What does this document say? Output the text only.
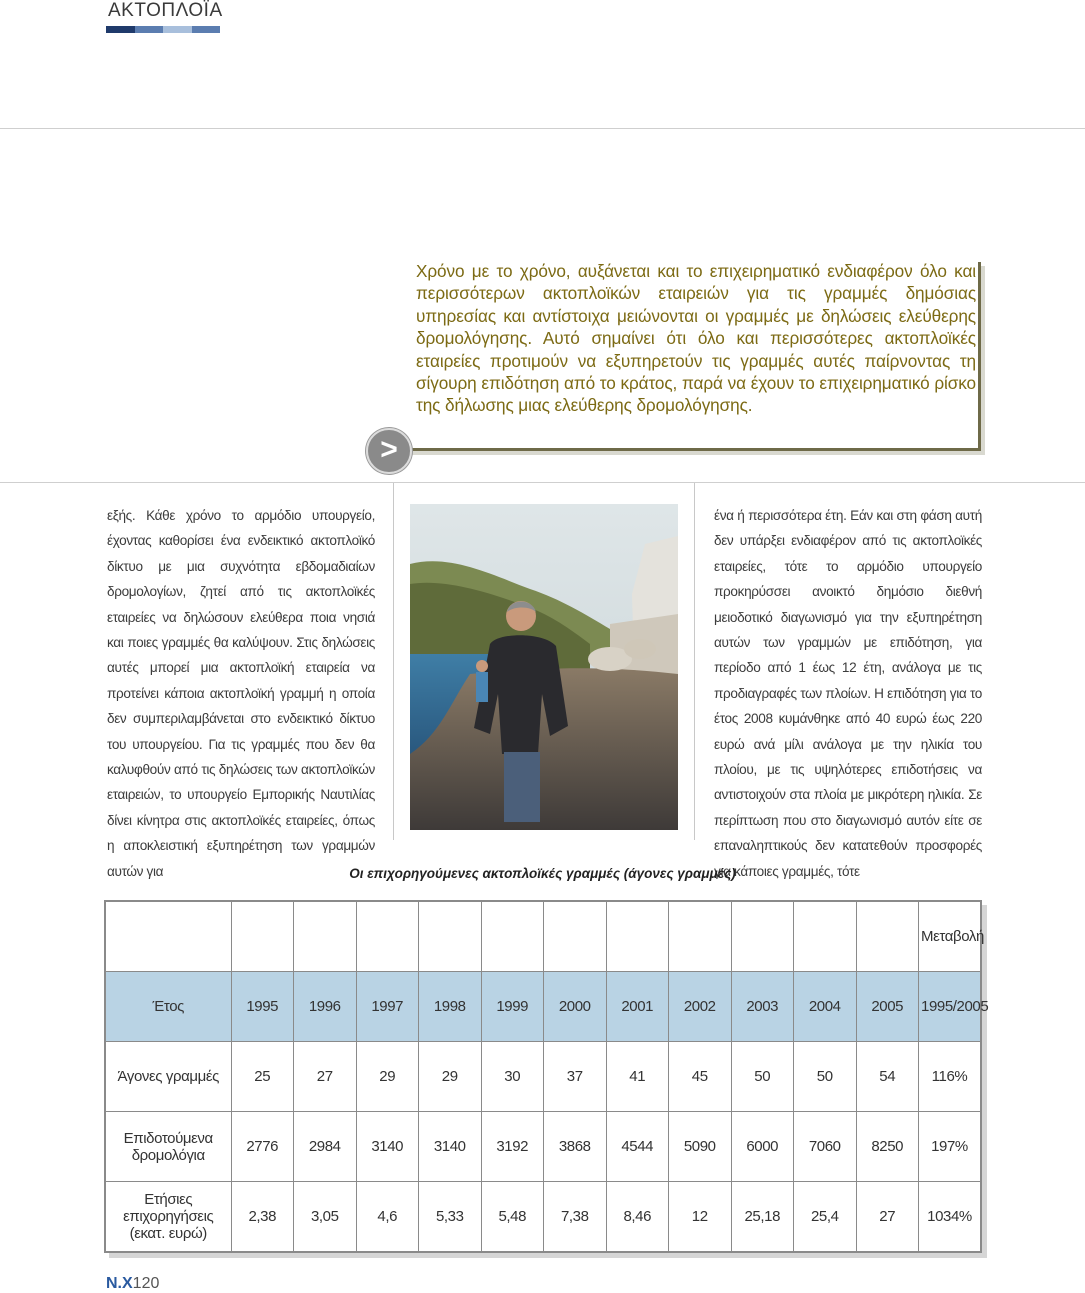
ΑΚΤΟΠΛΟΪΑ

Χρόνο με το χρόνο, αυξάνεται και το επιχειρηματικό ενδιαφέρον όλο και περισσότερων ακτοπλοϊκών εταιρειών για τις γραμμές δημόσιας υπηρεσίας και αντίστοιχα μειώνονται οι γραμμές με δηλώσεις ελεύθερης δρομολόγησης. Αυτό σημαίνει ότι όλο και περισσότερες ακτοπλοϊκές εταιρείες προτιμούν να εξυπηρετούν τις γραμμές αυτές παίρνοντας τη σίγουρη επιδότηση από το κράτος, παρά να έχουν το επιχειρηματικό ρίσκο της δήλωσης μιας ελεύθερης δρομολόγησης.

>

εξής. Κάθε χρόνο το αρμόδιο υπουργείο, έχοντας καθορίσει ένα ενδεικτικό ακτοπλοϊκό δίκτυο με μια συχνότητα εβδομαδιαίων δρομολογίων, ζητεί από τις ακτοπλοϊκές εταιρείες να δηλώσουν ελεύθερα ποια νησιά και ποιες γραμμές θα καλύψουν. Στις δηλώσεις αυτές μπορεί μια ακτοπλοϊκή εταιρεία να προτείνει κάποια ακτοπλοϊκή γραμμή η οποία δεν συμπεριλαμβάνεται στο ενδεικτικό δίκτυο του υπουργείου. Για τις γραμμές που δεν θα καλυφθούν από τις δηλώσεις των ακτοπλοϊκών εταιρειών, το υπουργείο Εμπορικής Ναυτιλίας δίνει κίνητρα στις ακτοπλοϊκές εταιρείες, όπως η αποκλειστική εξυπηρέτηση των γραμμών αυτών για

ένα ή περισσότερα έτη. Εάν και στη φάση αυτή δεν υπάρξει ενδιαφέρον από τις ακτοπλοϊκές εταιρείες, τότε το αρμόδιο υπουργείο προκηρύσσει ανοικτό δημόσιο διεθνή μειοδοτικό διαγωνισμό για την εξυπηρέτηση αυτών των γραμμών με επιδότηση, για περίοδο από 1 έως 12 έτη, ανάλογα με τις προδιαγραφές των πλοίων. Η επιδότηση για το έτος 2008 κυμάνθηκε από 40 ευρώ έως 220 ευρώ ανά μίλι ανάλογα με την ηλικία του πλοίου, με τις υψηλότερες επιδοτήσεις να αντιστοιχούν στα πλοία με μικρότερη ηλικία. Σε περίπτωση που στο διαγωνισμό αυτόν είτε σε επαναληπτικούς δεν κατατεθούν προσφορές για κάποιες γραμμές, τότε

Οι επιχορηγούμενες ακτοπλοϊκές γραμμές (άγονες γραμμές)
												Μεταβολή
Έτος	1995	1996	1997	1998	1999	2000	2001	2002	2003	2004	2005	1995/2005
Άγονες γραμμές	25	27	29	29	30	37	41	45	50	50	54	116%
Επιδοτούμενα δρομολόγια	2776	2984	3140	3140	3192	3868	4544	5090	6000	7060	8250	197%
Ετήσιες επιχορηγήσεις (εκατ. ευρώ)	2,38	3,05	4,6	5,33	5,48	7,38	8,46	12	25,18	25,4	27	1034%
N.X120
